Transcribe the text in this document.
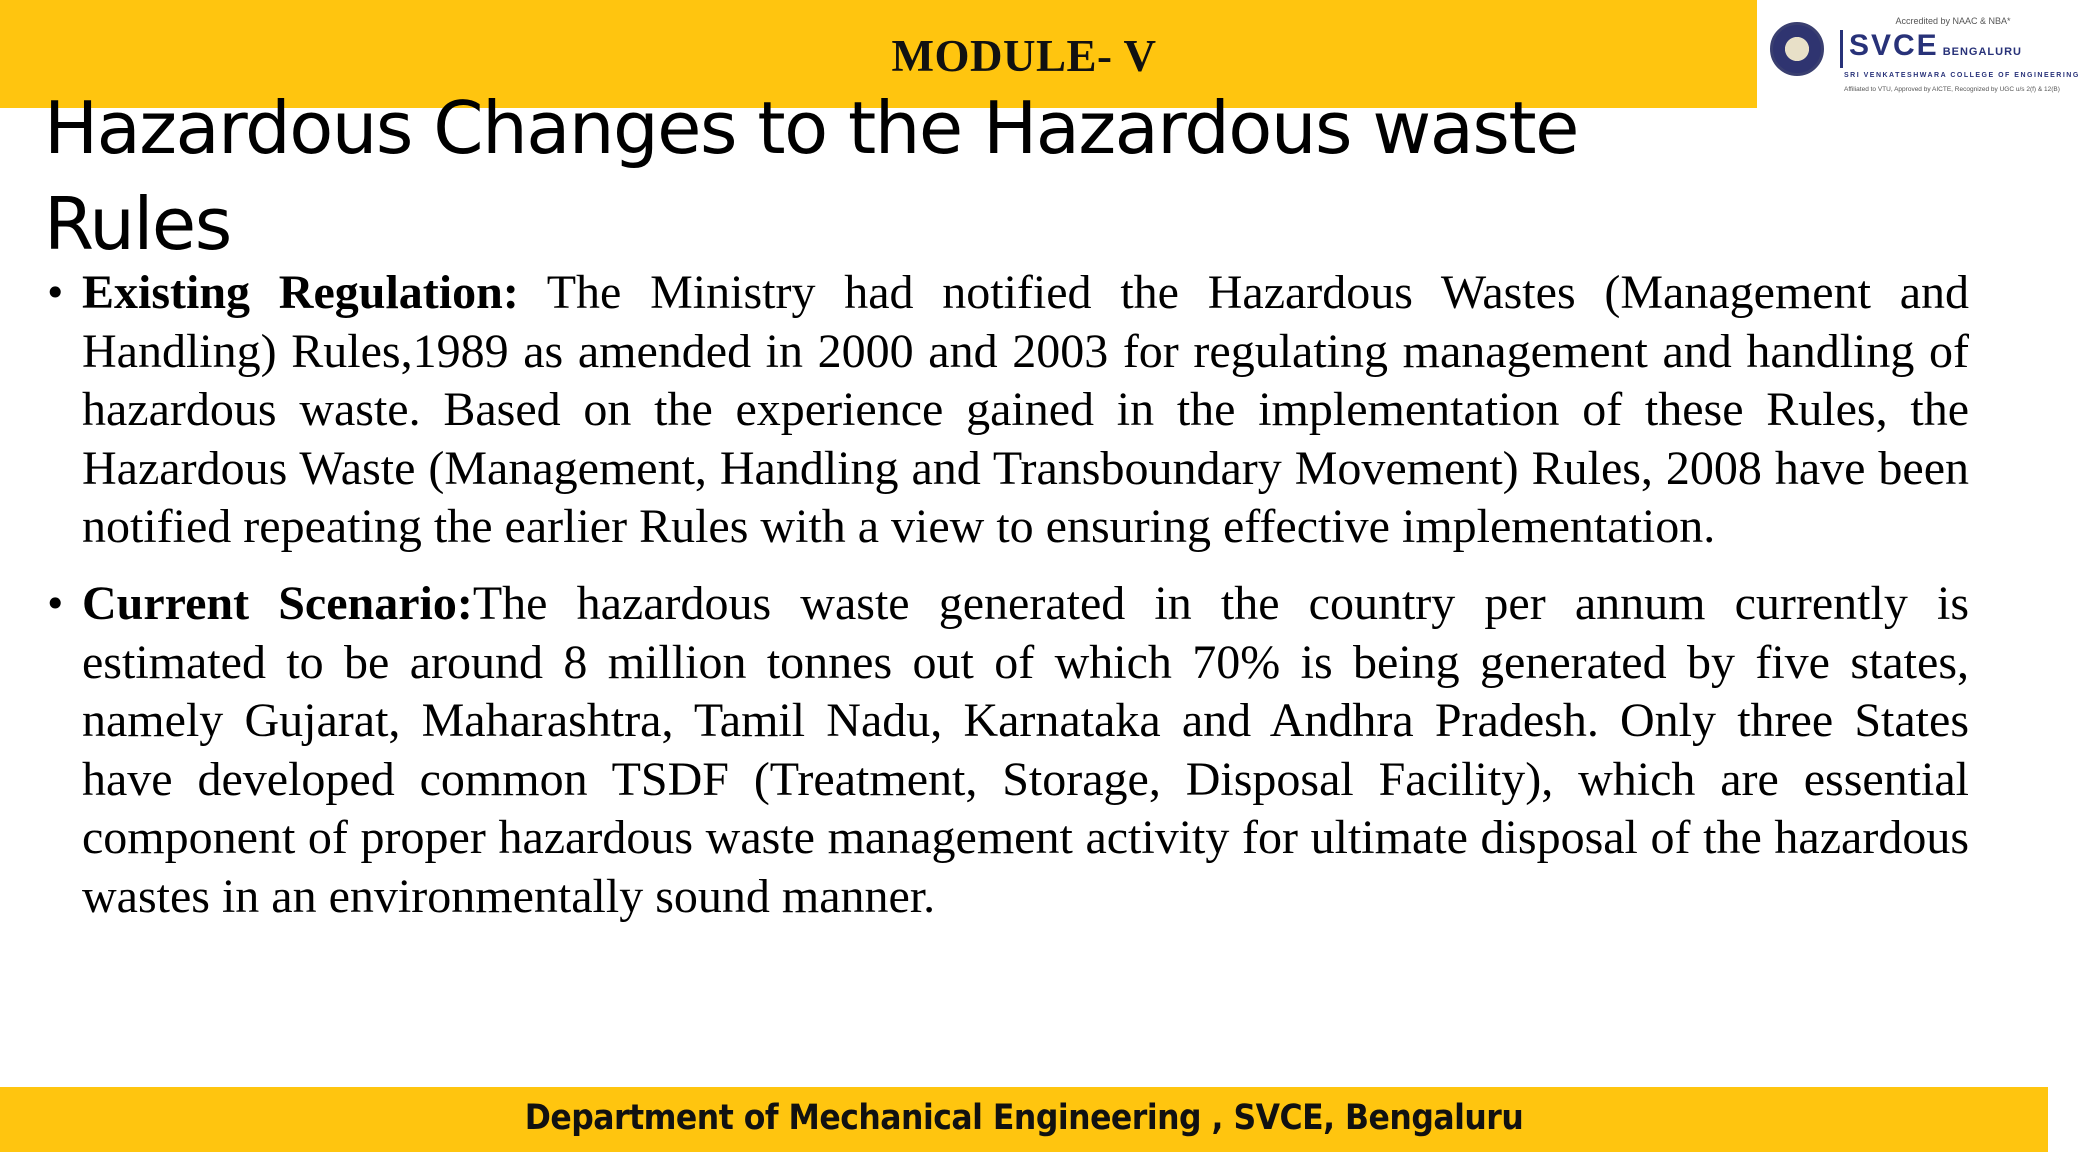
MODULE- V
Accredited by NAAC & NBA*
SVCE BENGALURU
SRI VENKATESHWARA COLLEGE OF ENGINEERING
Affiliated to VTU, Approved by AICTE, Recognized by UGC u/s 2(f) & 12(B)
Hazardous Changes to the Hazardous waste Rules
• Existing Regulation: The Ministry had notified the Hazardous Wastes (Management and Handling) Rules,1989 as amended in 2000 and 2003 for regulating management and handling of hazardous waste. Based on the experience gained in the implementation of these Rules, the Hazardous Waste (Management, Handling and Transboundary Movement) Rules, 2008 have been notified repeating the earlier Rules with a view to ensuring effective implementation.
• Current Scenario:The hazardous waste generated in the country per annum currently is estimated to be around 8 million tonnes out of which 70% is being generated by five states, namely Gujarat, Maharashtra, Tamil Nadu, Karnataka and Andhra Pradesh. Only three States have developed common TSDF (Treatment, Storage, Disposal Facility), which are essential component of proper hazardous waste management activity for ultimate disposal of the hazardous wastes in an environmentally sound manner.
Department of Mechanical Engineering , SVCE, Bengaluru
